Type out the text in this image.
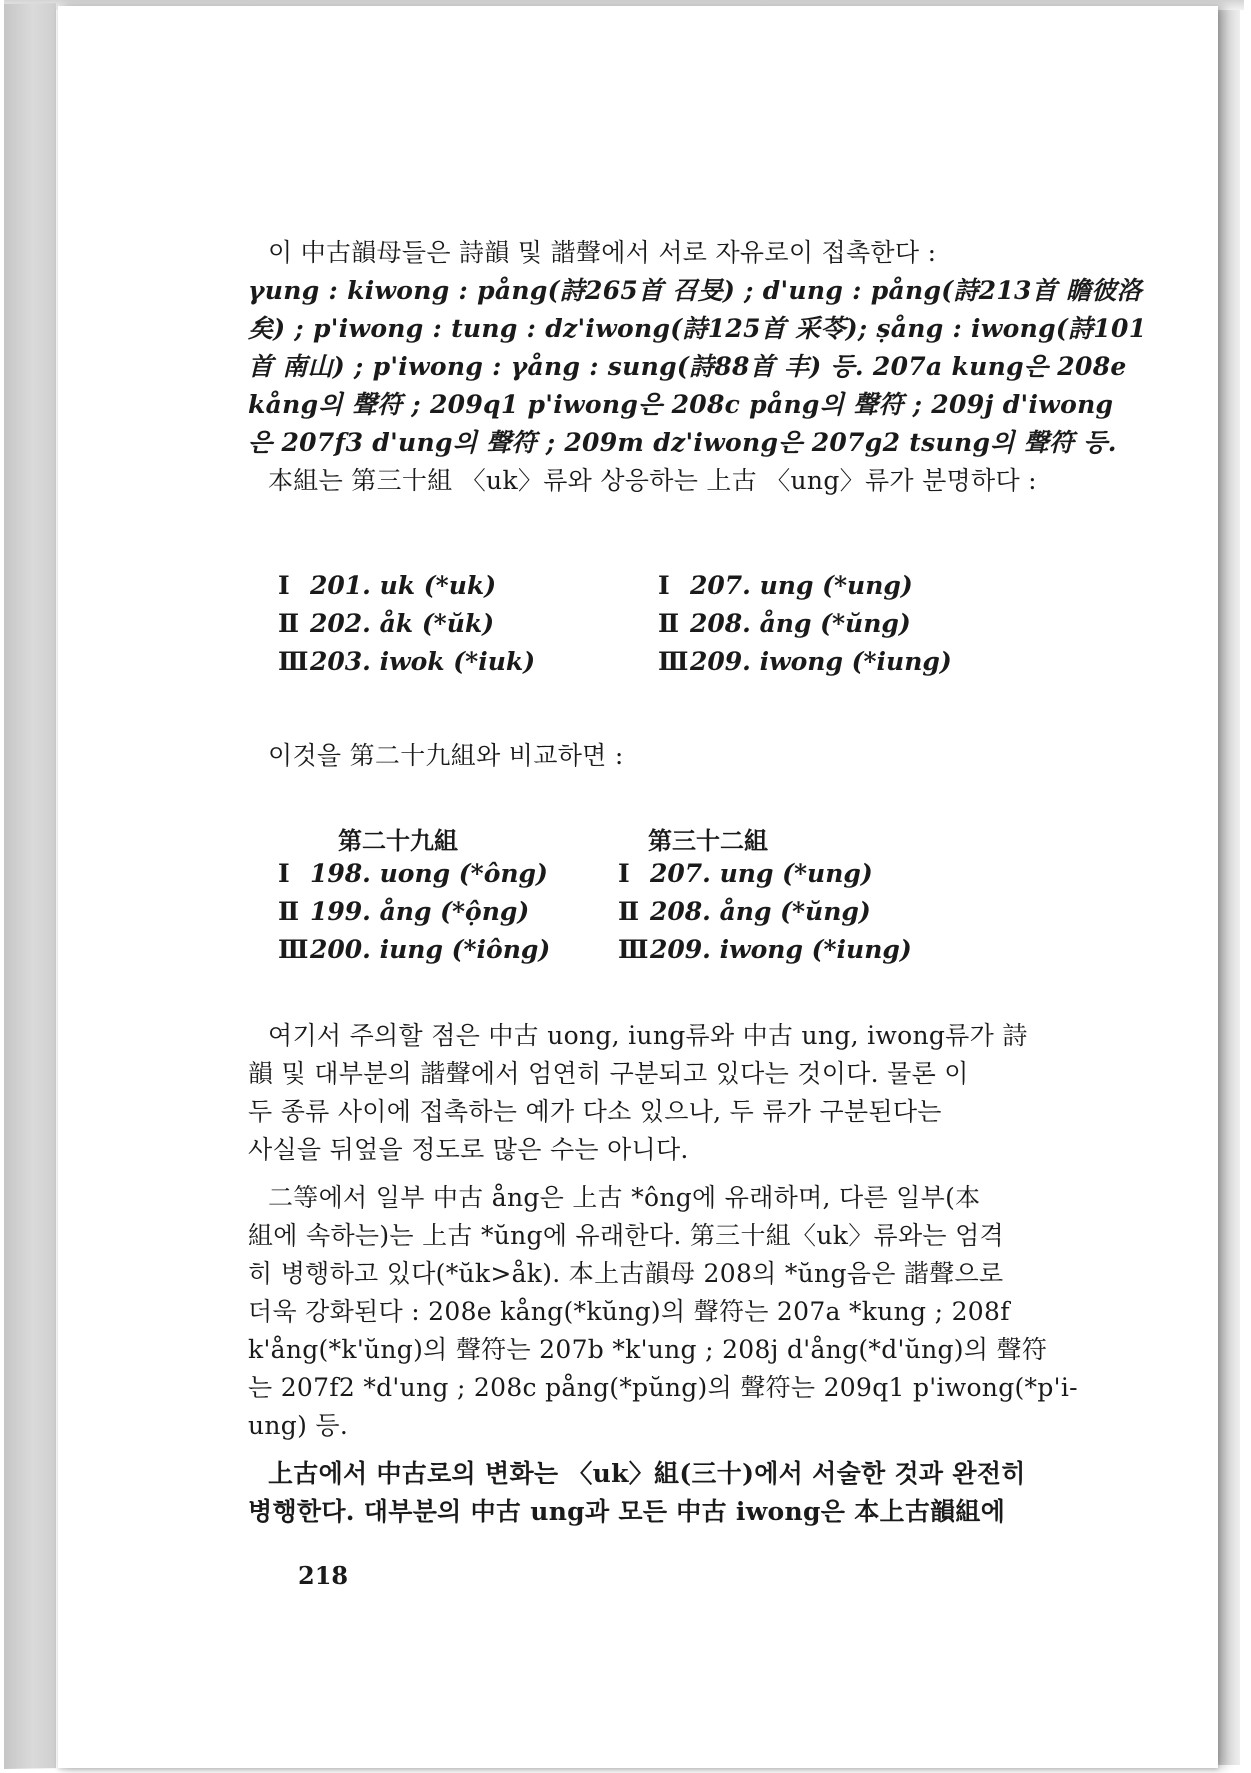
이 中古韻母들은 詩韻 및 諧聲에서 서로 자유로이 접촉한다 :
γung : kiwong : pång(詩265首 召旻) ; d'ung : pång(詩213首 瞻彼洛
矣) ; p'iwong : tung : dz'iwong(詩125首 采苓); ṣång : iwong(詩101
首 南山) ; p'iwong : γång : sung(詩88首 丰) 등. 207a kung은 208e
kång의 聲符 ; 209q1 p'iwong은 208c pång의 聲符 ; 209j d'iwong
은 207f3 d'ung의 聲符 ; 209m dz'iwong은 207g2 tsung의 聲符 등.
本組는 第三十組 〈uk〉류와 상응하는 上古 〈ung〉류가 분명하다 :
Ⅰ 201. uk (*uk)	Ⅰ 207. ung (*ung)
Ⅱ 202. åk (*ŭk)	Ⅱ 208. ång (*ŭng)
Ⅲ203. iwok (*iuk)	Ⅲ209. iwong (*iung)
이것을 第二十九組와 비교하면 :
第二十九組	第三十二組
Ⅰ 198. uong (*ông)	Ⅰ 207. ung (*ung)
Ⅱ 199. ång (*ộng)	Ⅱ 208. ång (*ŭng)
Ⅲ200. iung (*iông)	Ⅲ209. iwong (*iung)
여기서 주의할 점은 中古 uong, iung류와 中古 ung, iwong류가 詩
韻 및 대부분의 諧聲에서 엄연히 구분되고 있다는 것이다. 물론 이
두 종류 사이에 접촉하는 예가 다소 있으나, 두 류가 구분된다는
사실을 뒤엎을 정도로 많은 수는 아니다.
二等에서 일부 中古 ång은 上古 *ông에 유래하며, 다른 일부(本
組에 속하는)는 上古 *ŭng에 유래한다. 第三十組〈uk〉류와는 엄격
히 병행하고 있다(*ŭk>åk). 本上古韻母 208의 *ŭng음은 諧聲으로
더욱 강화된다 : 208e kång(*kŭng)의 聲符는 207a *kung ; 208f
k'ång(*k'ŭng)의 聲符는 207b *k'ung ; 208j d'ång(*d'ŭng)의 聲符
는 207f2 *d'ung ; 208c pång(*pŭng)의 聲符는 209q1 p'iwong(*p'i-
ung) 등.
上古에서 中古로의 변화는 〈uk〉組(三十)에서 서술한 것과 완전히
병행한다. 대부분의 中古 ung과 모든 中古 iwong은 本上古韻組에
218
